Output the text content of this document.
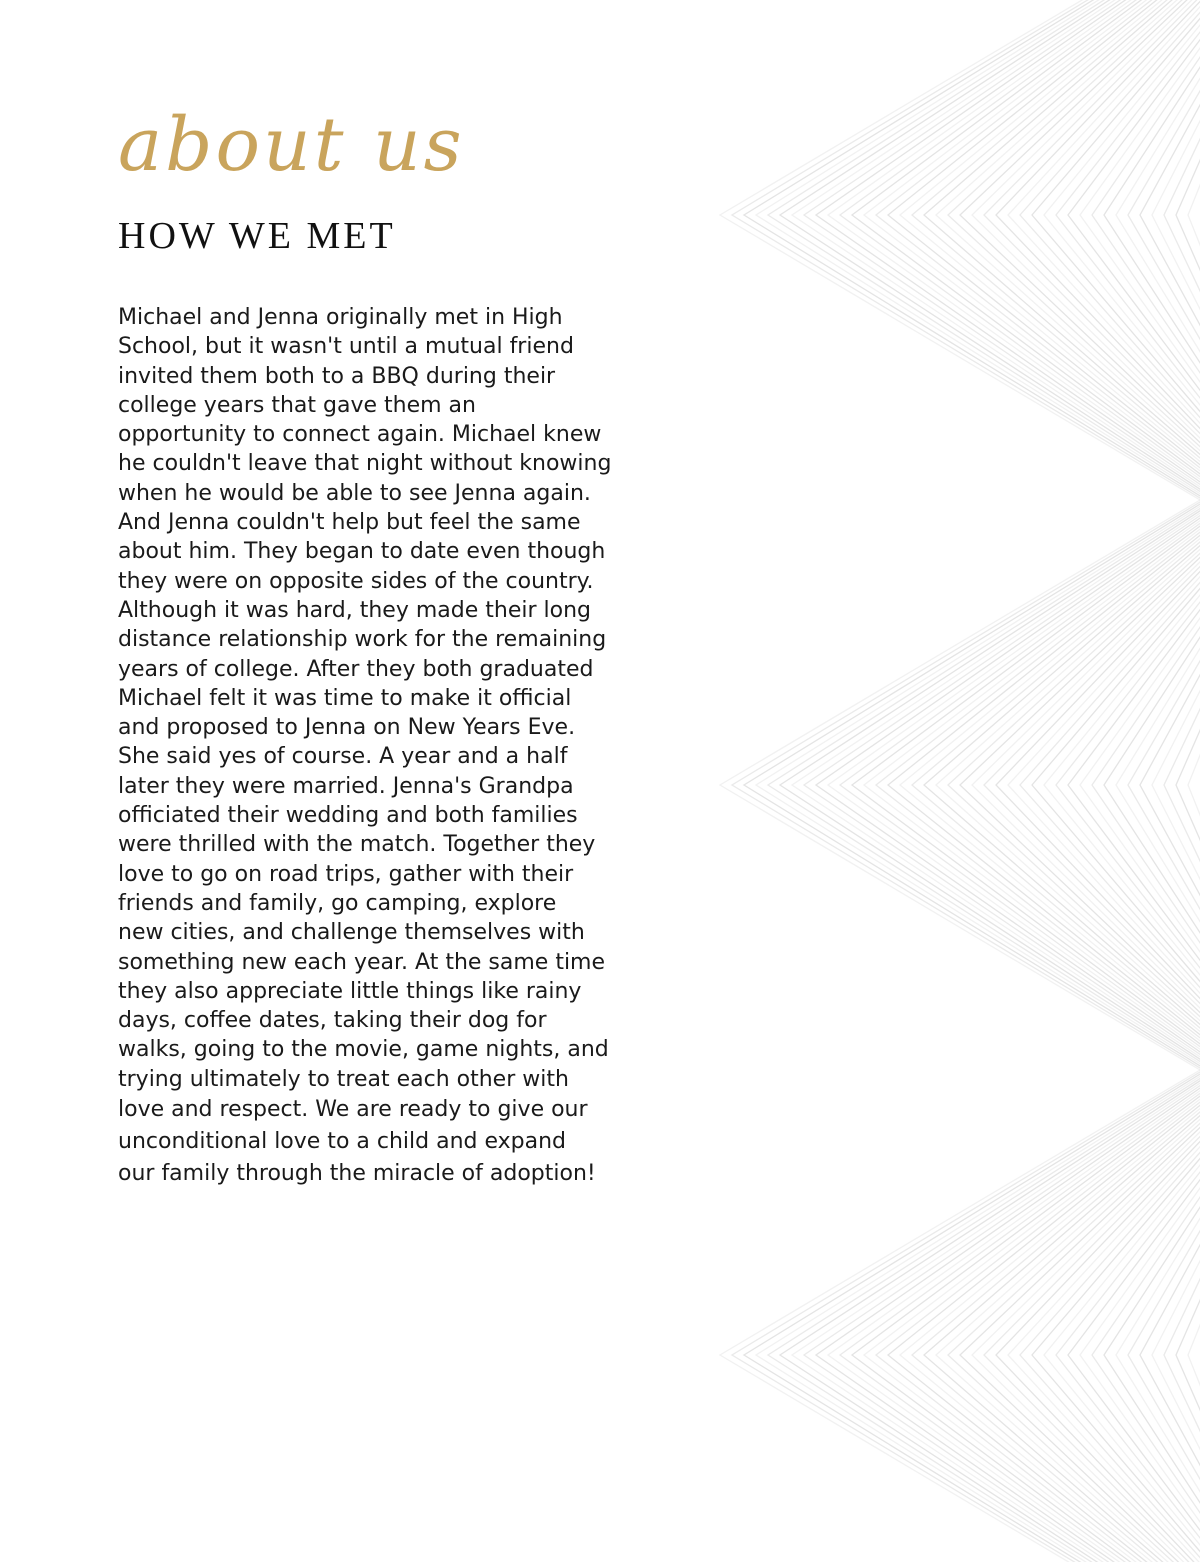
about us
HOW WE MET
Michael and Jenna originally met in High
School, but it wasn't until a mutual friend
invited them both to a BBQ during their
college years that gave them an
opportunity to connect again. Michael knew
he couldn't leave that night without knowing
when he would be able to see Jenna again.
And Jenna couldn't help but feel the same
about him. They began to date even though
they were on opposite sides of the country.
Although it was hard, they made their long
distance relationship work for the remaining
years of college. After they both graduated
Michael felt it was time to make it official
and proposed to Jenna on New Years Eve.
She said yes of course. A year and a half
later they were married. Jenna's Grandpa
officiated their wedding and both families
were thrilled with the match. Together they
love to go on road trips, gather with their
friends and family, go camping, explore
new cities, and challenge themselves with
something new each year. At the same time
they also appreciate little things like rainy
days, coffee dates, taking their dog for
walks, going to the movie, game nights, and
trying ultimately to treat each other with
love and respect. We are ready to give our
unconditional love to a child and expand
our family through the miracle of adoption!
